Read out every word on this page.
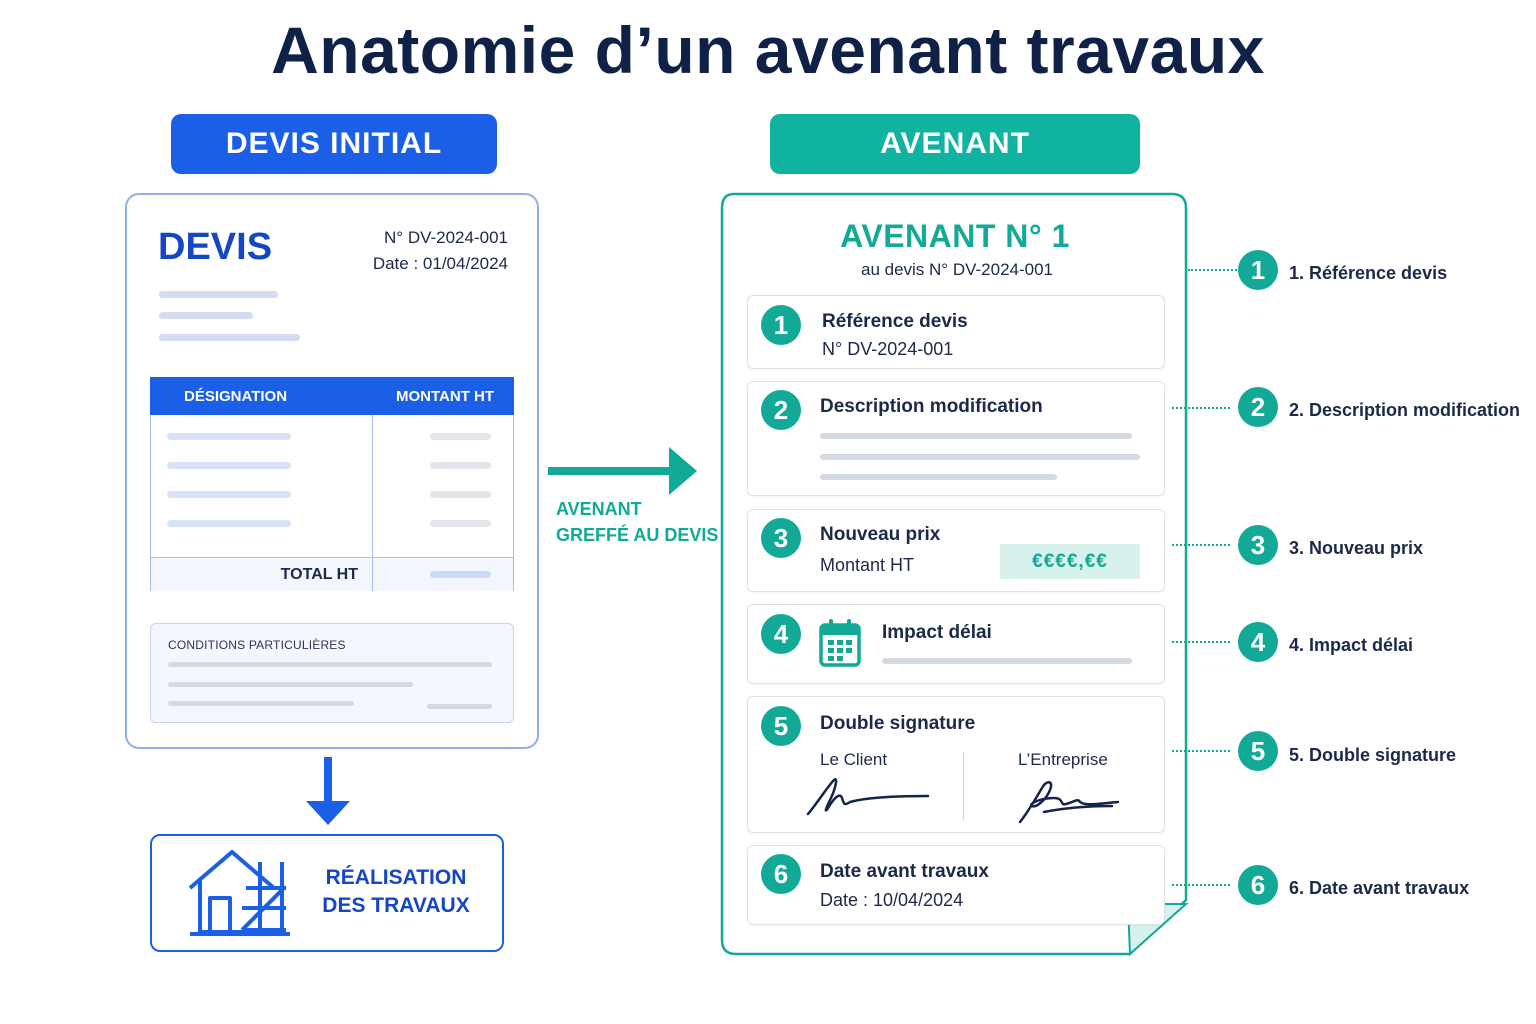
Anatomie d’un avenant travaux
DEVIS INITIAL	AVENANT
DEVIS	N° DV-2024-001
Date : 01/04/2024
DÉSIGNATION	MONTANT HT
TOTAL HT
CONDITIONS PARTICULIÈRES
RÉALISATION
DES TRAVAUX
AVENANT
GREFFÉ AU DEVIS
AVENANT N° 1
au devis N° DV-2024-001
1	Référence devis
N° DV-2024-001
2	Description modification
3	Nouveau prix
Montant HT	€€€€,€€
4	Impact délai
5	Double signature
Le Client	L’Entreprise
6	Date avant travaux
Date : 10/04/2024
1	1. Référence devis
2	2. Description modification
3	3. Nouveau prix
4	4. Impact délai
5	5. Double signature
6	6. Date avant travaux
